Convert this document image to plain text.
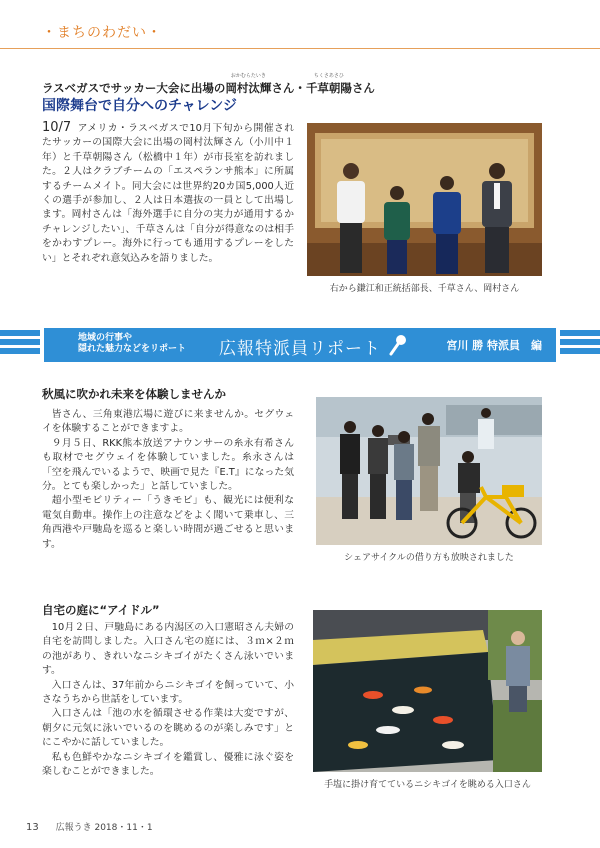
・まちのわだい・
ラスベガスでサッカー大会に出場の
おかむらたいき
岡村汰輝さん・
ちくさあさひ
千草朝陽さん
国際舞台で自分へのチャレンジ

10/7 アメリカ・ラスベガスで10月下旬から開催されたサッカーの国際大会に出場の岡村汰輝さん（小川中１年）と千草朝陽さん（松橋中１年）が市長室を訪れました。２人はクラブチームの「エスペランサ熊本」に所属するチームメイト。同大会には世界約20カ国5,000人近くの選手が参加し、２人は日本選抜の一員として出場します。岡村さんは「海外選手に自分の実力が通用するかチャレンジしたい」、千草さんは「自分が得意なのは相手をかわすプレー。海外に行っても通用するプレーをしたい」とそれぞれ意気込みを語りました。

右から鎌江和正統括部長、千草さん、岡村さん
地域の行事や
隠れた魅力などをリポート 広報特派員リポート	宮川 勝 特派員　編
秋風に吹かれ未来を体験しませんか

皆さん、三角東港広場に遊びに来ませんか。セグウェイを体験することができますよ。

９月５日、RKK熊本放送アナウンサーの糸永有希さんも取材でセグウェイを体験していました。糸永さんは「空を飛んでいるようで、映画で見た『E.T』になった気分。とても楽しかった」と話していました。

超小型モビリティー「うきモビ」も、観光には便利な電気自動車。操作上の注意などをよく聞いて乗車し、三角西港や戸馳島を巡ると楽しい時間が過ごせると思います。

シェアサイクルの借り方も放映されました
自宅の庭に“アイドル”

10月２日、戸馳島にある内潟区の入口憲昭さん夫婦の自宅を訪問しました。入口さん宅の庭には、３ｍ×２ｍの池があり、きれいなニシキゴイがたくさん泳いでいます。

入口さんは、37年前からニシキゴイを飼っていて、小さなうちから世話をしています。

入口さんは「池の水を循環させる作業は大変ですが、朝夕に元気に泳いでいるのを眺めるのが楽しみです」とにこやかに話していました。

私も色鮮やかなニシキゴイを鑑賞し、優雅に泳ぐ姿を楽しむことができました。

手塩に掛け育てているニシキゴイを眺める入口さん
13 広報うき 2018・11・1
